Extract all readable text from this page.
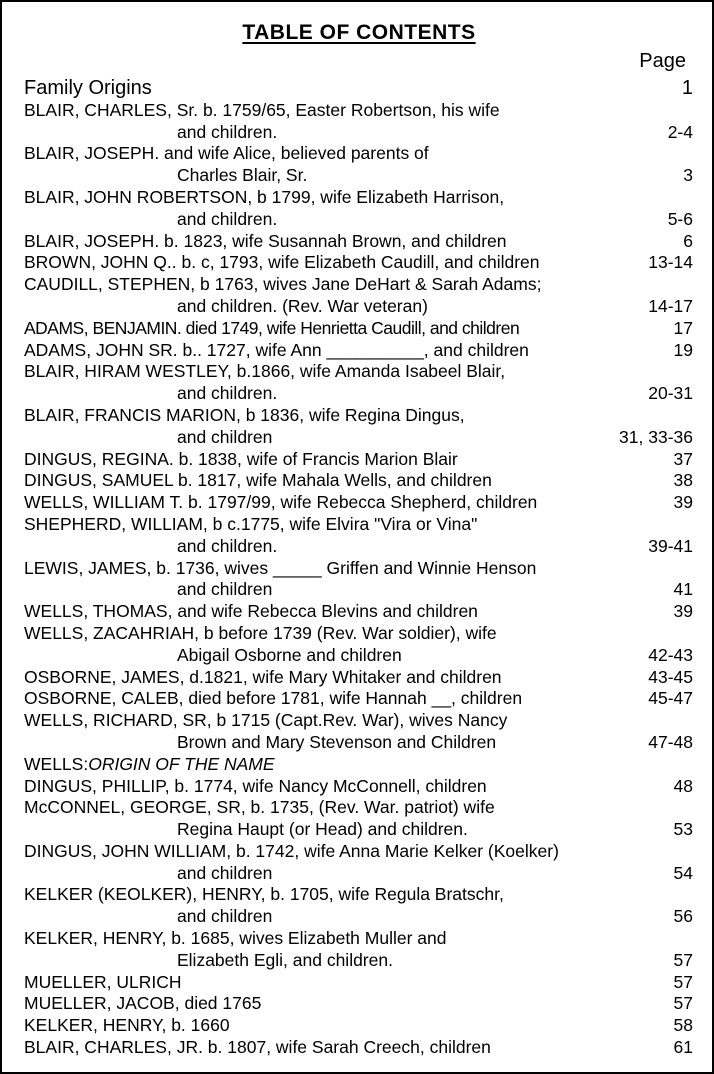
TABLE OF CONTENTS
Page
Family Origins	1
BLAIR, CHARLES, Sr. b. 1759/65, Easter Robertson, his wife
and children.	2-4
BLAIR, JOSEPH. and wife Alice, believed parents of
Charles Blair, Sr.	3
BLAIR, JOHN ROBERTSON, b 1799, wife Elizabeth Harrison,
and children.	5-6
BLAIR, JOSEPH. b. 1823, wife Susannah Brown, and children	6
BROWN, JOHN Q.. b. c, 1793, wife Elizabeth Caudill, and children	13-14
CAUDILL, STEPHEN, b 1763, wives Jane DeHart & Sarah Adams;
and children. (Rev. War veteran)	14-17
ADAMS, BENJAMIN. died 1749, wife Henrietta Caudill, and children	17
ADAMS, JOHN SR. b.. 1727, wife Ann __________, and children	19
BLAIR, HIRAM WESTLEY, b.1866, wife Amanda Isabeel Blair,
and children.	20-31
BLAIR, FRANCIS MARION, b 1836, wife Regina Dingus,
and children	31, 33-36
DINGUS, REGINA. b. 1838, wife of Francis Marion Blair	37
DINGUS, SAMUEL b. 1817, wife Mahala Wells, and children	38
WELLS, WILLIAM T. b. 1797/99, wife Rebecca Shepherd, children	39
SHEPHERD, WILLIAM, b c.1775, wife Elvira "Vira or Vina"
and children.	39-41
LEWIS, JAMES, b. 1736, wives _____ Griffen and Winnie Henson
and children	41
WELLS, THOMAS, and wife Rebecca Blevins and children	39
WELLS, ZACAHRIAH, b before 1739 (Rev. War soldier), wife
Abigail Osborne and children	42-43
OSBORNE, JAMES, d.1821, wife Mary Whitaker and children	43-45
OSBORNE, CALEB, died before 1781, wife Hannah __, children	45-47
WELLS, RICHARD, SR, b 1715 (Capt.Rev. War), wives Nancy
Brown and Mary Stevenson and Children	47-48
WELLS:ORIGIN OF THE NAME
DINGUS, PHILLIP, b. 1774, wife Nancy McConnell, children	48
McCONNEL, GEORGE, SR, b. 1735, (Rev. War. patriot) wife
Regina Haupt (or Head) and children.	53
DINGUS, JOHN WILLIAM, b. 1742, wife Anna Marie Kelker (Koelker)
and children	54
KELKER (KEOLKER), HENRY, b. 1705, wife Regula Bratschr,
and children	56
KELKER, HENRY, b. 1685, wives Elizabeth Muller and
Elizabeth Egli, and children.	57
MUELLER, ULRICH	57
MUELLER, JACOB, died 1765	57
KELKER, HENRY, b. 1660	58
BLAIR, CHARLES, JR. b. 1807, wife Sarah Creech, children	61
